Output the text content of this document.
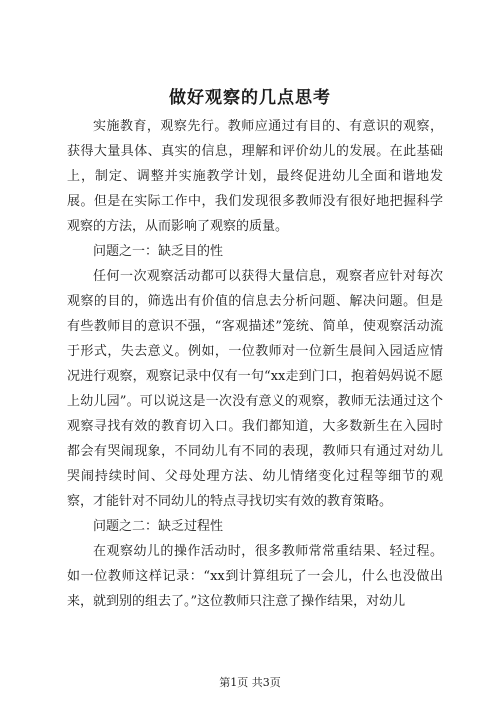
做好观察的几点思考

实施教育，观察先行。教师应通过有目的、有意识的观察，获得大量具体、真实的信息，理解和评价幼儿的发展。在此基础上，制定、调整并实施教学计划，最终促进幼儿全面和谐地发展。但是在实际工作中，我们发现很多教师没有很好地把握科学观察的方法，从而影响了观察的质量。

问题之一：缺乏目的性

任何一次观察活动都可以获得大量信息，观察者应针对每次观察的目的，筛选出有价值的信息去分析问题、解决问题。但是有些教师目的意识不强，“客观描述”笼统、简单，使观察活动流于形式，失去意义。例如，一位教师对一位新生晨间入园适应情况进行观察，观察记录中仅有一句“xx走到门口，抱着妈妈说不愿上幼儿园”。可以说这是一次没有意义的观察，教师无法通过这个观察寻找有效的教育切入口。我们都知道，大多数新生在入园时都会有哭闹现象，不同幼儿有不同的表现，教师只有通过对幼儿哭闹持续时间、父母处理方法、幼儿情绪变化过程等细节的观察，才能针对不同幼儿的特点寻找切实有效的教育策略。

问题之二：缺乏过程性

在观察幼儿的操作活动时，很多教师常常重结果、轻过程。如一位教师这样记录：“xx到计算组玩了一会儿，什么也没做出来，就到别的组去了。”这位教师只注意了操作结果，对幼儿

第1页 共3页
